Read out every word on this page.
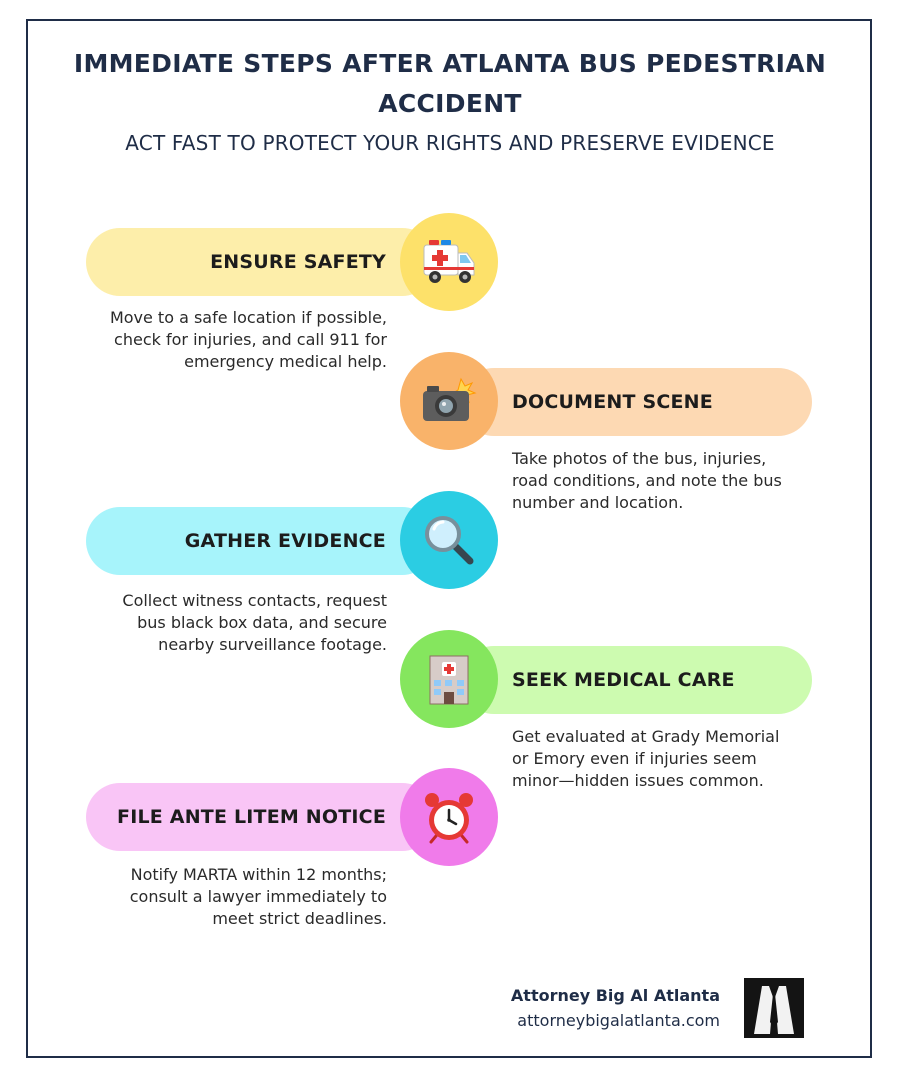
IMMEDIATE STEPS AFTER ATLANTA BUS PEDESTRIAN ACCIDENT
ACT FAST TO PROTECT YOUR RIGHTS AND PRESERVE EVIDENCE
ENSURE SAFETY
Move to a safe location if possible, check for injuries, and call 911 for emergency medical help.
DOCUMENT SCENE
Take photos of the bus, injuries, road conditions, and note the bus number and location.
GATHER EVIDENCE
Collect witness contacts, request bus black box data, and secure nearby surveillance footage.
SEEK MEDICAL CARE
Get evaluated at Grady Memorial or Emory even if injuries seem minor—hidden issues common.
FILE ANTE LITEM NOTICE
Notify MARTA within 12 months; consult a lawyer immediately to meet strict deadlines.
Attorney Big Al Atlanta
attorneybigalatlanta.com
